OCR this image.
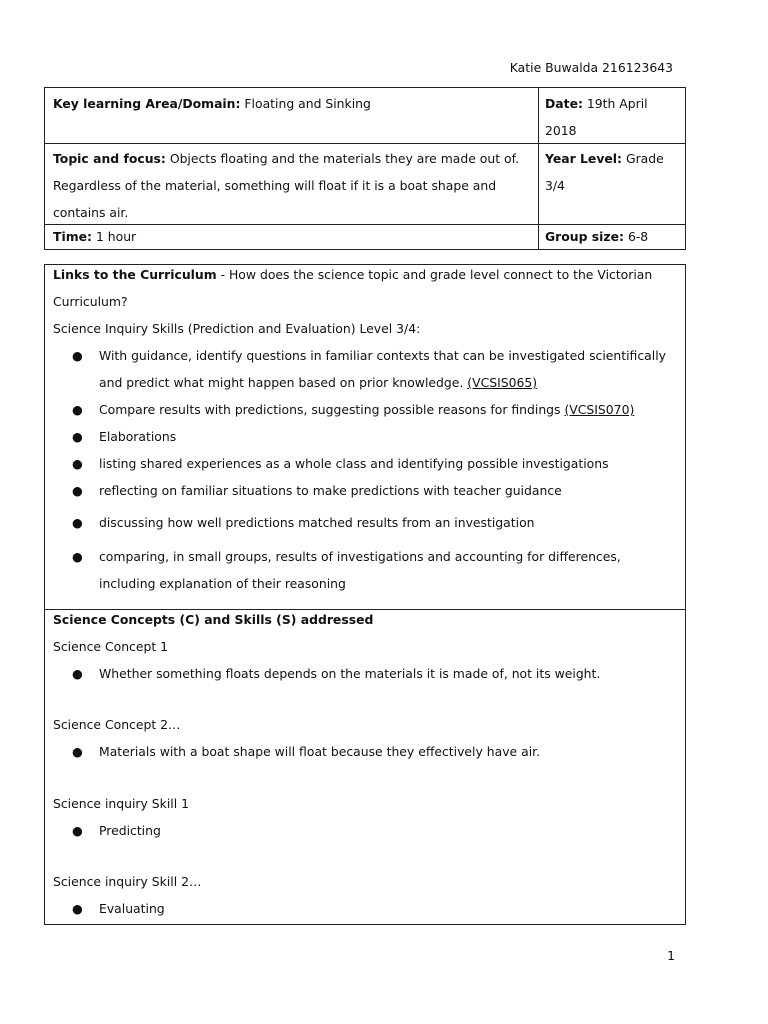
Katie Buwalda 216123643
Key learning Area/Domain: Floating and Sinking	Date: 19th April
2018
Topic and focus: Objects floating and the materials they are made out of.
Regardless of the material, something will float if it is a boat shape and
contains air.
Year Level: Grade
3/4
Time: 1 hour	Group size: 6-8
Links to the Curriculum - How does the science topic and grade level connect to the Victorian
Curriculum?
Science Inquiry Skills (Prediction and Evaluation) Level 3/4:
● With guidance, identify questions in familiar contexts that can be investigated scientifically
and predict what might happen based on prior knowledge. (VCSIS065)
● Compare results with predictions, suggesting possible reasons for findings (VCSIS070)
● Elaborations
● listing shared experiences as a whole class and identifying possible investigations
● reflecting on familiar situations to make predictions with teacher guidance
● discussing how well predictions matched results from an investigation
● comparing, in small groups, results of investigations and accounting for differences,
including explanation of their reasoning
Science Concepts (C) and Skills (S) addressed
Science Concept 1
● Whether something floats depends on the materials it is made of, not its weight.
Science Concept 2…
● Materials with a boat shape will float because they effectively have air.
Science inquiry Skill 1
● Predicting
Science inquiry Skill 2…
● Evaluating
1
